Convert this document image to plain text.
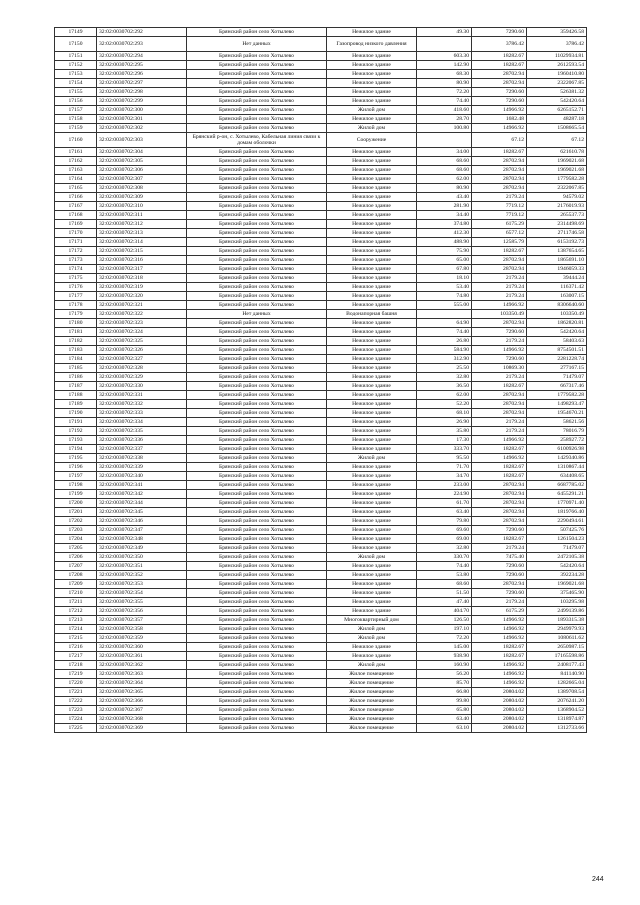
17149	32:02:0030702:292	Брянский район село Хотылево	Нежилое здание	49.30	7290.60	359426.58
17150	32:02:0030702:293	Нет данных	Газопровод низкого давления		3786.42	3786.42
17151	32:02:0030702:294	Брянский район село Хотылево	Нежилое здание	603.30	18282.67	11029934.81
17152	32:02:0030702:295	Брянский район село Хотылево	Нежилое здание	142.90	18282.67	2612593.54
17153	32:02:0030702:296	Брянский район село Хотылево	Нежилое здание	68.30	28702.94	1960410.80
17154	32:02:0030702:297	Брянский район село Хотылево	Нежилое здание	80.90	28702.94	2322067.85
17155	32:02:0030702:298	Брянский район село Хотылево	Нежилое здание	72.20	7290.60	526381.32
17156	32:02:0030702:299	Брянский район село Хотылево	Нежилое здание	74.40	7290.60	542420.64
17157	32:02:0030702:300	Брянский район село Хотылево	Жилой дом	418.60	14966.92	6265152.71
17158	32:02:0030702:301	Брянский район село Хотылево	Нежилое здание	28.70	1682.48	48287.18
17159	32:02:0030702:302	Брянский район село Хотылево	Жилой дом	100.80	14966.92	1508665.54
17160	32:02:0030702:303	Брянский р-он, с. Хотылево, Кабельная линия связи к домам оболочки	Сооружение		67.12	67.12
17161	32:02:0030702:304	Брянский район село Хотылево	Нежилое здание	34.00	18282.67	621610.78
17162	32:02:0030702:305	Брянский район село Хотылево	Нежилое здание	68.60	28702.94	1969021.68
17163	32:02:0030702:306	Брянский район село Хотылево	Нежилое здание	68.60	28702.94	1969021.68
17164	32:02:0030702:307	Брянский район село Хотылево	Нежилое здание	62.00	28702.94	1779582.28
17165	32:02:0030702:308	Брянский район село Хотылево	Нежилое здание	80.90	28702.94	2322067.85
17166	32:02:0030702:309	Брянский район село Хотылево	Нежилое здание	43.40	2179.24	94579.02
17167	32:02:0030702:310	Брянский район село Хотылево	Нежилое здание	281.90	7719.12	2176019.93
17168	32:02:0030702:311	Брянский район село Хотылево	Нежилое здание	34.40	7719.12	265537.73
17169	32:02:0030702:312	Брянский район село Хотылево	Нежилое здание	374.80	6175.29	2314498.69
17170	32:02:0030702:313	Брянский район село Хотылево	Нежилое здание	412.30	6577.12	2711746.58
17171	32:02:0030702:314	Брянский район село Хотылево	Нежилое здание	488.90	12585.79	6153192.73
17172	32:02:0030702:315	Брянский район село Хотылево	Нежилое здание	75.90	18282.67	1387654.65
17173	32:02:0030702:316	Брянский район село Хотылево	Нежилое здание	65.00	28702.94	1865691.10
17174	32:02:0030702:317	Брянский район село Хотылево	Нежилое здание	67.80	28702.94	1946059.33
17175	32:02:0030702:318	Брянский район село Хотылево	Нежилое здание	18.10	2179.24	39444.24
17176	32:02:0030702:319	Брянский район село Хотылево	Нежилое здание	53.40	2179.24	116371.42
17177	32:02:0030702:320	Брянский район село Хотылево	Нежилое здание	74.80	2179.24	163007.15
17178	32:02:0030702:321	Брянский район село Хотылево	Нежилое здание	555.00	14966.92	8306640.60
17179	32:02:0030702:322	Нет данных	Водонапорная башня		103350.49	103350.49
17180	32:02:0030702:323	Брянский район село Хотылево	Нежилое здание	64.90	28702.94	1862820.81
17181	32:02:0030702:324	Брянский район село Хотылево	Нежилое здание	74.40	7290.60	542420.64
17182	32:02:0030702:325	Брянский район село Хотылево	Нежилое здание	26.80	2179.24	58403.63
17183	32:02:0030702:326	Брянский район село Хотылево	Нежилое здание	584.90	14966.92	8754501.51
17184	32:02:0030702:327	Брянский район село Хотылево	Нежилое здание	312.90	7290.60	2281228.74
17185	32:02:0030702:328	Брянский район село Хотылево	Нежилое здание	25.50	10869.30	277167.15
17186	32:02:0030702:329	Брянский район село Хотылево	Нежилое здание	32.80	2179.24	71479.07
17187	32:02:0030702:330	Брянский район село Хотылево	Нежилое здание	36.50	18282.67	667317.46
17188	32:02:0030702:331	Брянский район село Хотылево	Нежилое здание	62.00	28702.94	1779582.28
17189	32:02:0030702:332	Брянский район село Хотылево	Нежилое здание	52.20	28702.94	1498293.47
17190	32:02:0030702:333	Брянский район село Хотылево	Нежилое здание	68.10	28702.94	1954670.21
17191	32:02:0030702:334	Брянский район село Хотылево	Нежилое здание	26.90	2179.24	58621.56
17192	32:02:0030702:335	Брянский район село Хотылево	Нежилое здание	35.80	2179.24	78016.79
17193	32:02:0030702:336	Брянский район село Хотылево	Нежилое здание	17.30	14966.92	258927.72
17194	32:02:0030702:337	Брянский район село Хотылево	Нежилое здание	333.70	18282.67	6100926.98
17195	32:02:0030702:338	Брянский район село Хотылево	Жилой дом	95.50	14966.92	1429340.86
17196	32:02:0030702:339	Брянский район село Хотылево	Нежилое здание	71.70	18282.67	1310867.44
17197	32:02:0030702:340	Брянский район село Хотылево	Нежилое здание	34.70	18282.67	634408.65
17198	32:02:0030702:341	Брянский район село Хотылево	Нежилое здание	233.00	28702.94	6687785.02
17199	32:02:0030702:342	Брянский район село Хотылево	Нежилое здание	224.90	28702.94	6455291.21
17200	32:02:0030702:344	Брянский район село Хотылево	Нежилое здание	61.70	28702.94	1770971.40
17201	32:02:0030702:345	Брянский район село Хотылево	Нежилое здание	63.40	28702.94	1819766.40
17202	32:02:0030702:346	Брянский район село Хотылево	Нежилое здание	79.80	28702.94	2290494.61
17203	32:02:0030702:347	Брянский район село Хотылево	Нежилое здание	69.60	7290.60	507425.76
17204	32:02:0030702:348	Брянский район село Хотылево	Нежилое здание	69.00	18282.67	1261504.23
17205	32:02:0030702:349	Брянский район село Хотылево	Нежилое здание	32.80	2179.24	71479.07
17206	32:02:0030702:350	Брянский район село Хотылево	Жилой дом	330.70	7475.40	2472105.38
17207	32:02:0030702:351	Брянский район село Хотылево	Нежилое здание	74.40	7290.60	542420.64
17208	32:02:0030702:352	Брянский район село Хотылево	Нежилое здание	53.80	7290.60	392234.28
17209	32:02:0030702:353	Брянский район село Хотылево	Нежилое здание	68.60	28702.94	1969021.68
17210	32:02:0030702:354	Брянский район село Хотылево	Нежилое здание	51.50	7290.60	375465.90
17211	32:02:0030702:355	Брянский район село Хотылево	Нежилое здание	47.40	2179.24	103295.98
17212	32:02:0030702:356	Брянский район село Хотылево	Нежилое здание	404.70	6175.29	2499139.86
17213	32:02:0030702:357	Брянский район село Хотылево	Многоквартирный дом	126.50	14966.92	1893315.38
17214	32:02:0030702:358	Брянский район село Хотылево	Жилой дом	197.10	14966.92	2949979.93
17215	32:02:0030702:359	Брянский район село Хотылево	Жилой дом	72.20	14966.92	1080611.62
17216	32:02:0030702:360	Брянский район село Хотылево	Нежилое здание	145.00	18282.67	2650987.15
17217	32:02:0030702:361	Брянский район село Хотылево	Нежилое здание	938.90	18282.67	17165598.86
17218	32:02:0030702:362	Брянский район село Хотылево	Жилой дом	160.90	14966.92	2408177.43
17219	32:02:0030702:363	Брянский район село Хотылево	Жилое помещение	56.20	14966.92	841140.90
17220	32:02:0030702:364	Брянский район село Хотылево	Жилое помещение	85.70	14966.92	1282665.04
17221	32:02:0030702:365	Брянский район село Хотылево	Жилое помещение	66.80	20804.02	1389708.54
17222	32:02:0030702:366	Брянский район село Хотылево	Жилое помещение	99.80	20804.02	2076241.20
17223	32:02:0030702:367	Брянский район село Хотылево	Жилое помещение	65.80	20804.02	1368904.52
17224	32:02:0030702:368	Брянский район село Хотылево	Жилое помещение	63.40	20804.02	1318974.87
17225	32:02:0030702:369	Брянский район село Хотылево	Жилое помещение	63.10	20804.02	1312733.66
244
